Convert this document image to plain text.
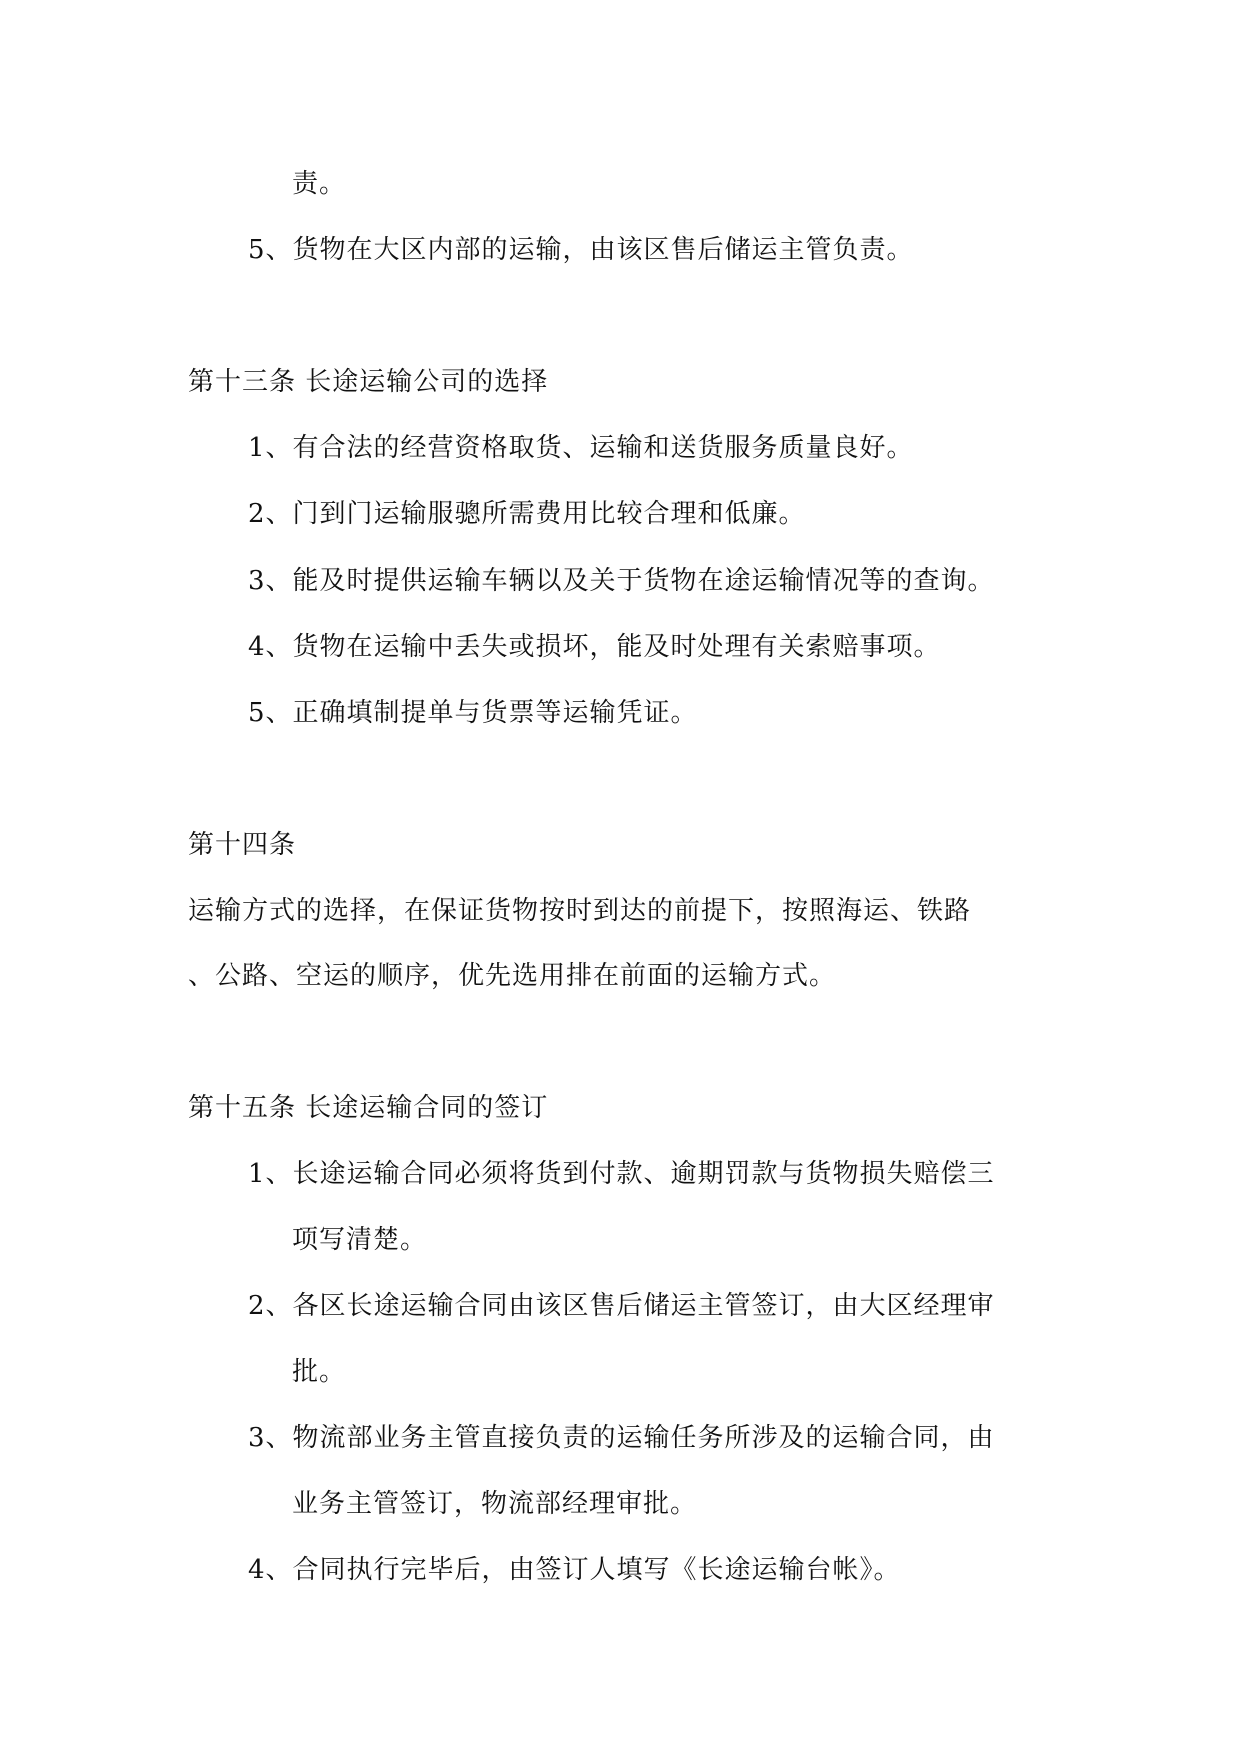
责。
5、货物在大区内部的运输，由该区售后储运主管负责。
第十三条 长途运输公司的选择
1、有合法的经营资格取货、运输和送货服务质量良好。
2、门到门运输服骢所需费用比较合理和低廉。
3、能及时提供运输车辆以及关于货物在途运输情况等的查询。
4、货物在运输中丢失或损坏，能及时处理有关索赔事项。
5、正确填制提单与货票等运输凭证。
第十四条
运输方式的选择，在保证货物按时到达的前提下，按照海运、铁路
、公路、空运的顺序，优先选用排在前面的运输方式。
第十五条 长途运输合同的签订
1、长途运输合同必须将货到付款、逾期罚款与货物损失赔偿三
项写清楚。
2、各区长途运输合同由该区售后储运主管签订，由大区经理审
批。
3、物流部业务主管直接负责的运输任务所涉及的运输合同，由
业务主管签订，物流部经理审批。
4、合同执行完毕后，由签订人填写《长途运输台帐》。
